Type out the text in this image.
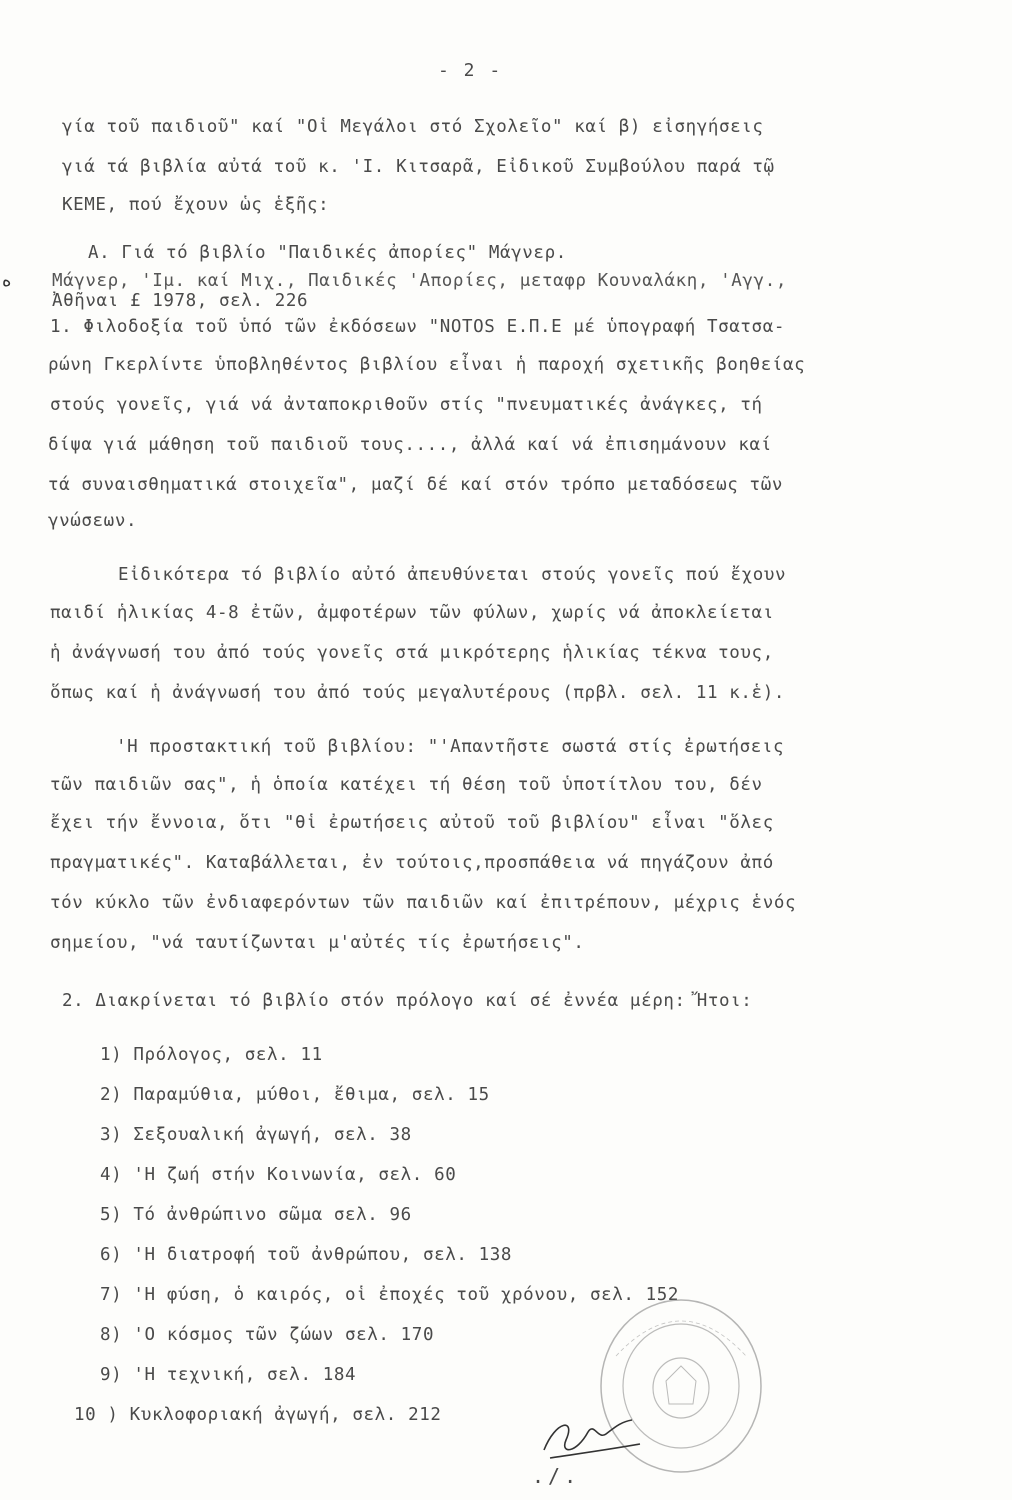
- 2 -
γία τοῦ παιδιοῦ" καί "Οἱ Μεγάλοι στό Σχολεῖο" καί β) εἰσηγήσεις
γιά τά βιβλία αὐτά τοῦ κ. 'Ι. Κιτσαρᾶ, Εἰδικοῦ Συμβούλου παρά τῷ
ΚΕΜΕ, πού ἔχουν ὡς ἑξῆς:
A. Γιά τό βιβλίο "Παιδικές ἀπορίες" Μάγνερ.
ﻩ Μάγνερ, 'Ιμ. καί Μιχ., Παιδικές 'Απορίες, μεταφρ Κουναλάκη, 'Αγγ.,
Ἀθῆναι £ 1978, σελ. 226
1. Φιλοδοξία τοῦ ὑπό τῶν ἐκδόσεων "NOTOS Ε.Π.Ε μέ ὑπογραφή Τσατσα-
ρώνη Γκερλίντε ὑποβληθέντος βιβλίου εἶναι ἡ παροχή σχετικῆς βοηθείας
στούς γονεῖς, γιά νά ἀνταποκριθοῦν στίς "πνευματικές ἀνάγκες, τή
δίψα γιά μάθηση τοῦ παιδιοῦ τους...., ἀλλά καί νά ἐπισημάνουν καί
τά συναισθηματικά στοιχεῖα", μαζί δέ καί στόν τρόπο μεταδόσεως τῶν
γνώσεων.
Εἰδικότερα τό βιβλίο αὐτό ἀπευθύνεται στούς γονεῖς πού ἔχουν
παιδί ἡλικίας 4-8 ἐτῶν, ἀμφοτέρων τῶν φύλων, χωρίς νά ἀποκλείεται
ἡ ἀνάγνωσή του ἀπό τούς γονεῖς στά μικρότερης ἡλικίας τέκνα τους,
ὅπως καί ἡ ἀνάγνωσή του ἀπό τούς μεγαλυτέρους (πρβλ. σελ. 11 κ.ἑ).
'Η προστακτική τοῦ βιβλίου: "'Απαντῆστε σωστά στίς ἐρωτήσεις
τῶν παιδιῶν σας", ἡ ὁποία κατέχει τή θέση τοῦ ὑποτίτλου του, δέν
ἔχει τήν ἔννοια, ὅτι "θἱ ἐρωτήσεις αὐτοῦ τοῦ βιβλίου" εἶναι "ὅλες
πραγματικές". Καταβάλλεται, ἐν τούτοις,προσπάθεια νά πηγάζουν ἀπό
τόν κύκλο τῶν ἐνδιαφερόντων τῶν παιδιῶν καί ἐπιτρέπουν, μέχρις ἑνός
σημείου, "νά ταυτίζωνται μ'αὐτές τίς ἐρωτήσεις".
2. Διακρίνεται τό βιβλίο στόν πρόλογο καί σέ ἐννέα μέρη: Ἤτοι:
1) Πρόλογος, σελ. 11
2) Παραμύθια, μύθοι, ἔθιμα, σελ. 15
3) Σεξουαλική ἀγωγή, σελ. 38
4) 'Η ζωή στήν Κοινωνία, σελ. 60
5) Τό ἀνθρώπινο σῶμα σελ. 96
6) 'Η διατροφή τοῦ ἀνθρώπου, σελ. 138
7) 'Η φύση, ὁ καιρός, οἱ ἐποχές τοῦ χρόνου, σελ. 152
8) 'Ο κόσμος τῶν ζώων σελ. 170
9) 'Η τεχνική, σελ. 184
10 ) Κυκλοφοριακή ἀγωγή, σελ. 212
./.
